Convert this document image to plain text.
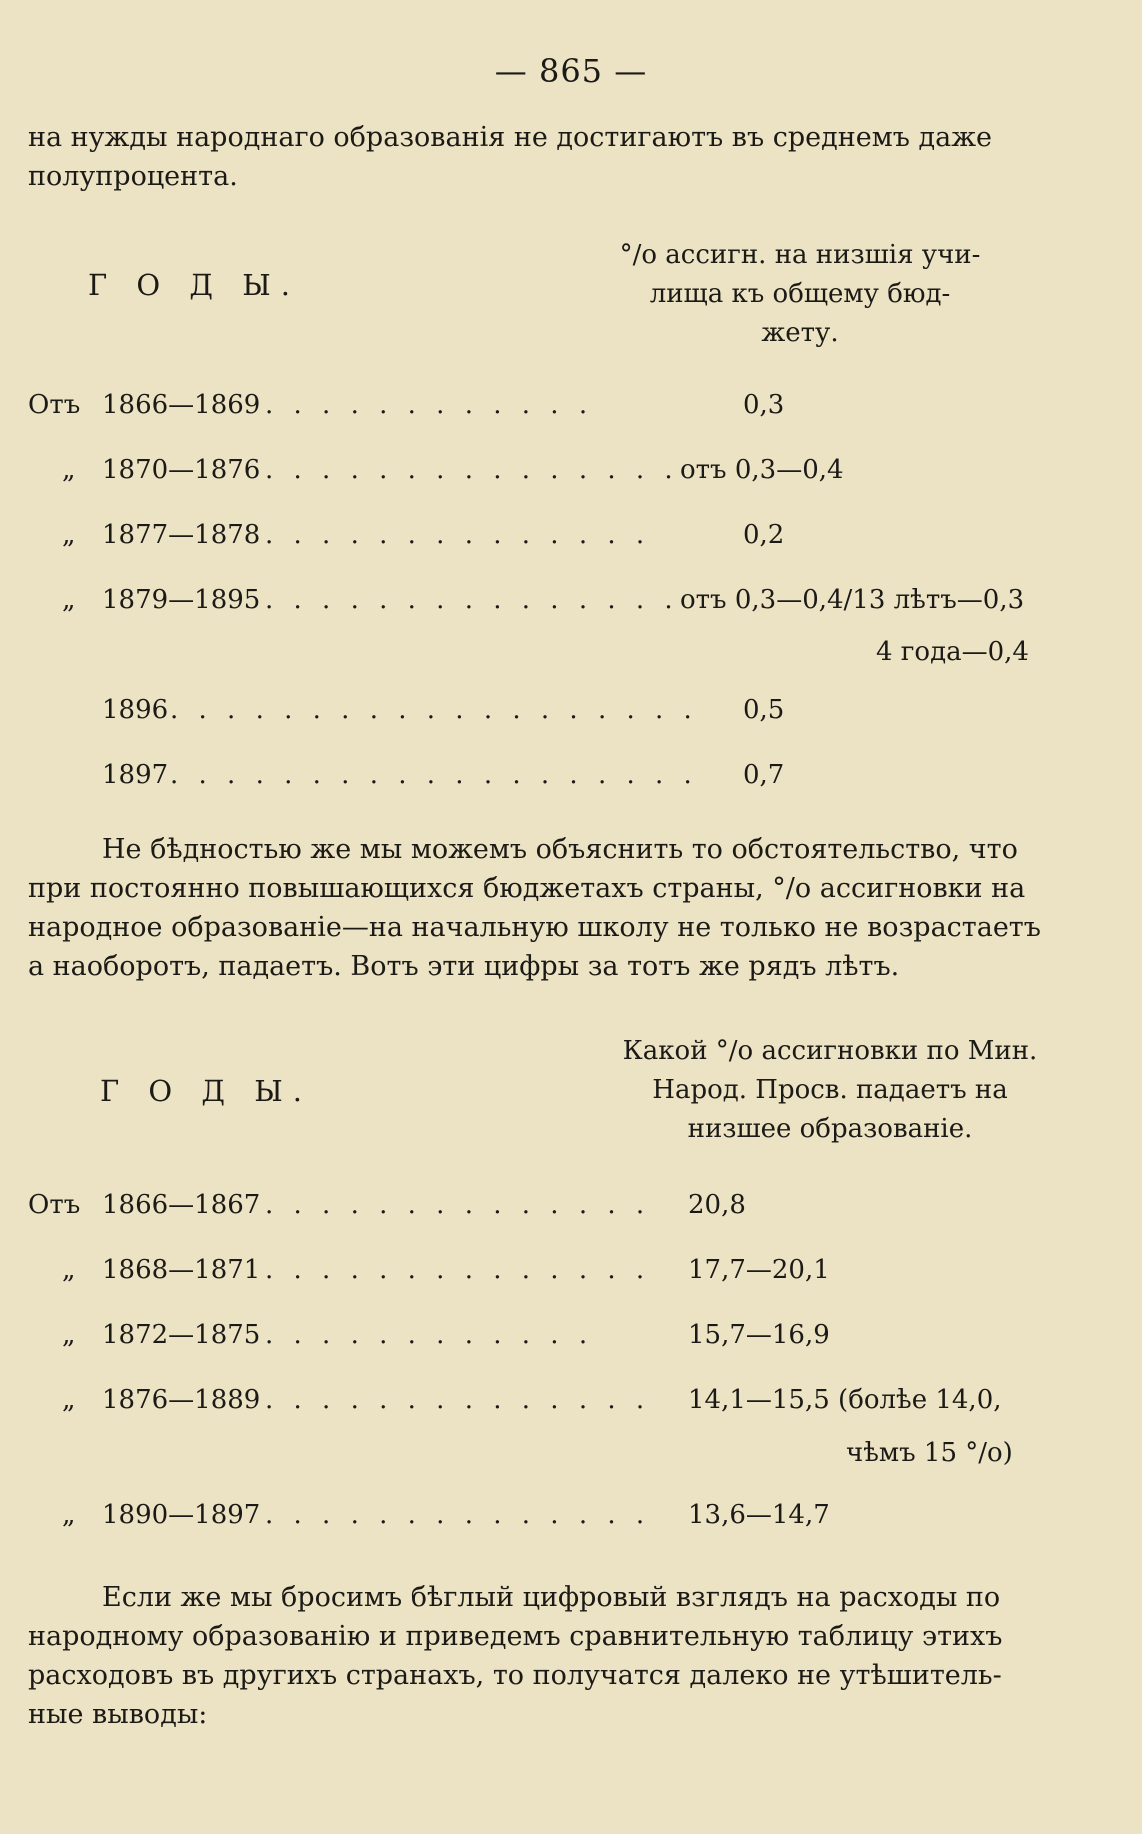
— 865 —
на нужды народнаго образованія не достигаютъ въ среднемъ даже
полупроцента.
Г О Д Ы.
°/о ассигн. на низшія учи-
лища къ общему бюд-
жету.
Отъ 1866—1869 . . . . . . . . . . . .	0,3
„ 1870—1876 . . . . . . . . . . . . . . . отъ 0,3—0,4
„ 1877—1878 . . . . . . . . . . . . . .	0,2
„ 1879—1895 . . . . . . . . . . . . . . . отъ 0,3—0,4/13 лѣтъ—0,3
4 года—0,4
1896 . . . . . . . . . . . . . . . . . . . 0,5
1897 . . . . . . . . . . . . . . . . . . . 0,7
Не бѣдностью же мы можемъ объяснить то обстоятельство, что
при постоянно повышающихся бюджетахъ страны, °/о ассигновки на
народное образованіе—на начальную школу не только не возрастаетъ
а наоборотъ, падаетъ. Вотъ эти цифры за тотъ же рядъ лѣтъ.
Г О Д Ы.
Какой °/о ассигновки по Мин.
Народ. Просв. падаетъ на
низшее образованіе.
Отъ 1866—1867 . . . . . . . . . . . . . . 20,8
„ 1868—1871 . . . . . . . . . . . . . . 17,7—20,1
„ 1872—1875 . . . . . . . . . . . .	15,7—16,9
„ 1876—1889 . . . . . . . . . . . . . . 14,1—15,5 (болѣе 14,0,
чѣмъ 15 °/о)
„ 1890—1897 . . . . . . . . . . . . . . 13,6—14,7
Если же мы бросимъ бѣглый цифровый взглядъ на расходы по
народному образованію и приведемъ сравнительную таблицу этихъ
расходовъ въ другихъ странахъ, то получатся далеко не утѣшитель-
ные выводы:
